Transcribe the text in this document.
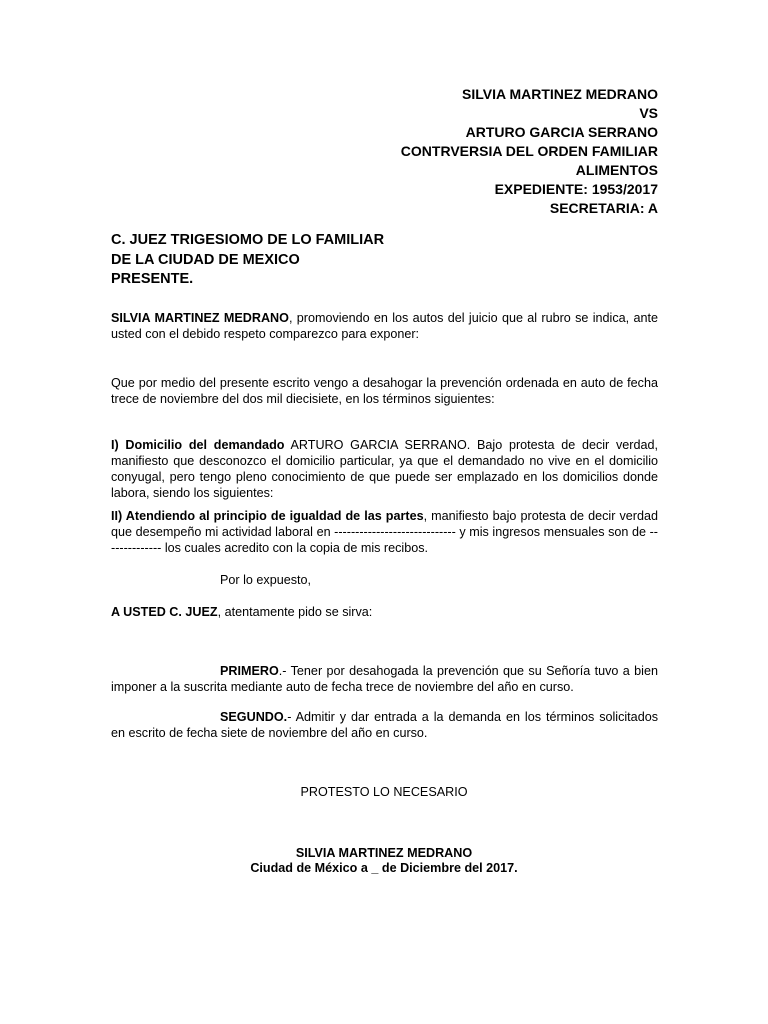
SILVIA MARTINEZ MEDRANO
VS
ARTURO GARCIA SERRANO
CONTRVERSIA DEL ORDEN FAMILIAR
ALIMENTOS
EXPEDIENTE: 1953/2017
SECRETARIA: A
C. JUEZ TRIGESIOMO DE LO FAMILIAR
DE LA CIUDAD DE MEXICO
PRESENTE.

SILVIA MARTINEZ MEDRANO, promoviendo en los autos del juicio que al rubro se indica, ante usted con el debido respeto comparezco para exponer:

Que por medio del presente escrito vengo a desahogar la prevención ordenada en auto de fecha trece de noviembre del dos mil diecisiete, en los términos siguientes:

I) Domicilio del demandado ARTURO GARCIA SERRANO. Bajo protesta de decir verdad, manifiesto que desconozco el domicilio particular, ya que el demandado no vive en el domicilio conyugal, pero tengo pleno conocimiento de que puede ser emplazado en los domicilios donde labora, siendo los siguientes:

II) Atendiendo al principio de igualdad de las partes, manifiesto bajo protesta de decir verdad que desempeño mi actividad laboral en ----------------------------- y mis ingresos mensuales son de -------------- los cuales acredito con la copia de mis recibos.

Por lo expuesto,

A USTED C. JUEZ, atentamente pido se sirva:

PRIMERO.- Tener por desahogada la prevención que su Señoría tuvo a bien imponer a la suscrita mediante auto de fecha trece de noviembre del año en curso.

SEGUNDO.- Admitir y dar entrada a la demanda en los términos solicitados en escrito de fecha siete de noviembre del año en curso.

PROTESTO LO NECESARIO
SILVIA MARTINEZ MEDRANO
Ciudad de México a _ de Diciembre del 2017.
